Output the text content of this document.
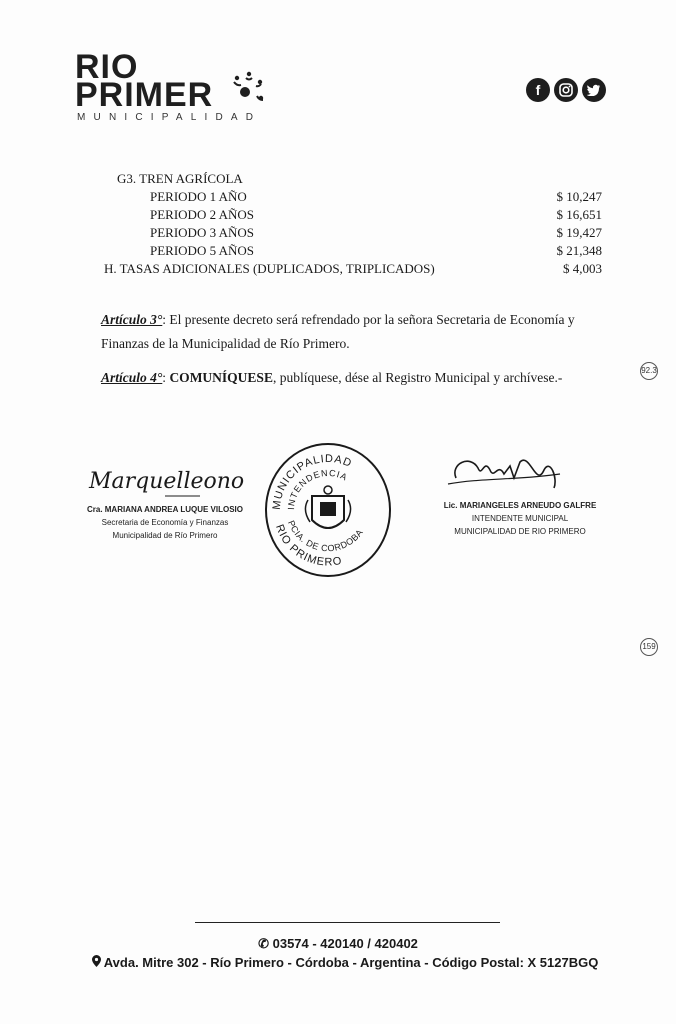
RIO
PRIMER
MUNICIPALIDAD
f
G3. TREN AGRÍCOLA
PERIODO 1 AÑO	$ 10,247
PERIODO 2 AÑOS	$ 16,651
PERIODO 3 AÑOS	$ 19,427
PERIODO 5 AÑOS	$ 21,348
H. TASAS ADICIONALES (DUPLICADOS, TRIPLICADOS)	$ 4,003
Artículo 3°: El presente decreto será refrendado por la señora Secretaria de Economía y Finanzas de la Municipalidad de Río Primero.
Artículo 4°: COMUNÍQUESE, publíquese, dése al Registro Municipal y archívese.-	92.3
159
Marquelleono
Cra. MARIANA ANDREA LUQUE VILOSIO
Secretaria de Economía y Finanzas
Municipalidad de Río Primero
MUNICIPALIDAD
INTENDENCIA
PCIA. DE CORDOBA
RIO PRIMERO
Lic. MARIANGELES ARNEUDO GALFRE
INTENDENTE MUNICIPAL
MUNICIPALIDAD DE RIO PRIMERO
✆ 03574 - 420140 / 420402
Avda. Mitre 302 - Río Primero - Córdoba - Argentina - Código Postal: X 5127BGQ
